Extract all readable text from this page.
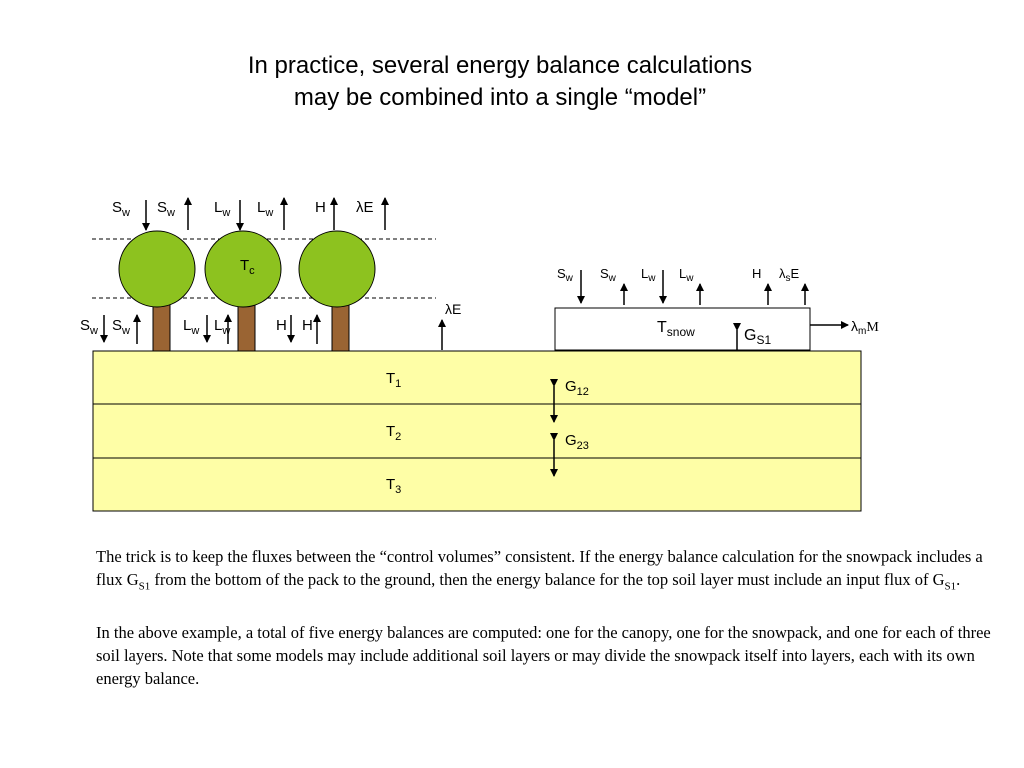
In practice, several energy balance calculations
may be combined into a single “model”
$T_c$
$S_w$ $S_w$	$L_w$ $L_w$	H λE
$S_w$ $S_w$	$L_w$ $L_w$	H H
λE
$T_{snow}$	$G_{S1}$
$S_w$ $S_w$ $L_w$ $L_w$	H $\lambda_sE$
$\lambda_mM$
$T_1$
$T_2$
$T_3$
$G_{12}$
$G_{23}$

The trick is to keep the fluxes between the “control volumes” consistent. If the energy balance calculation for the snowpack includes a flux $G_{S1}$ from the bottom of the pack to the ground, then the energy balance for the top soil layer must include an input flux of $G_{S1}$.

In the above example, a total of five energy balances are computed: one for the canopy, one for the snowpack, and one for each of three soil layers. Note that some models may include additional soil layers or may divide the snowpack itself into layers, each with its own energy balance.
